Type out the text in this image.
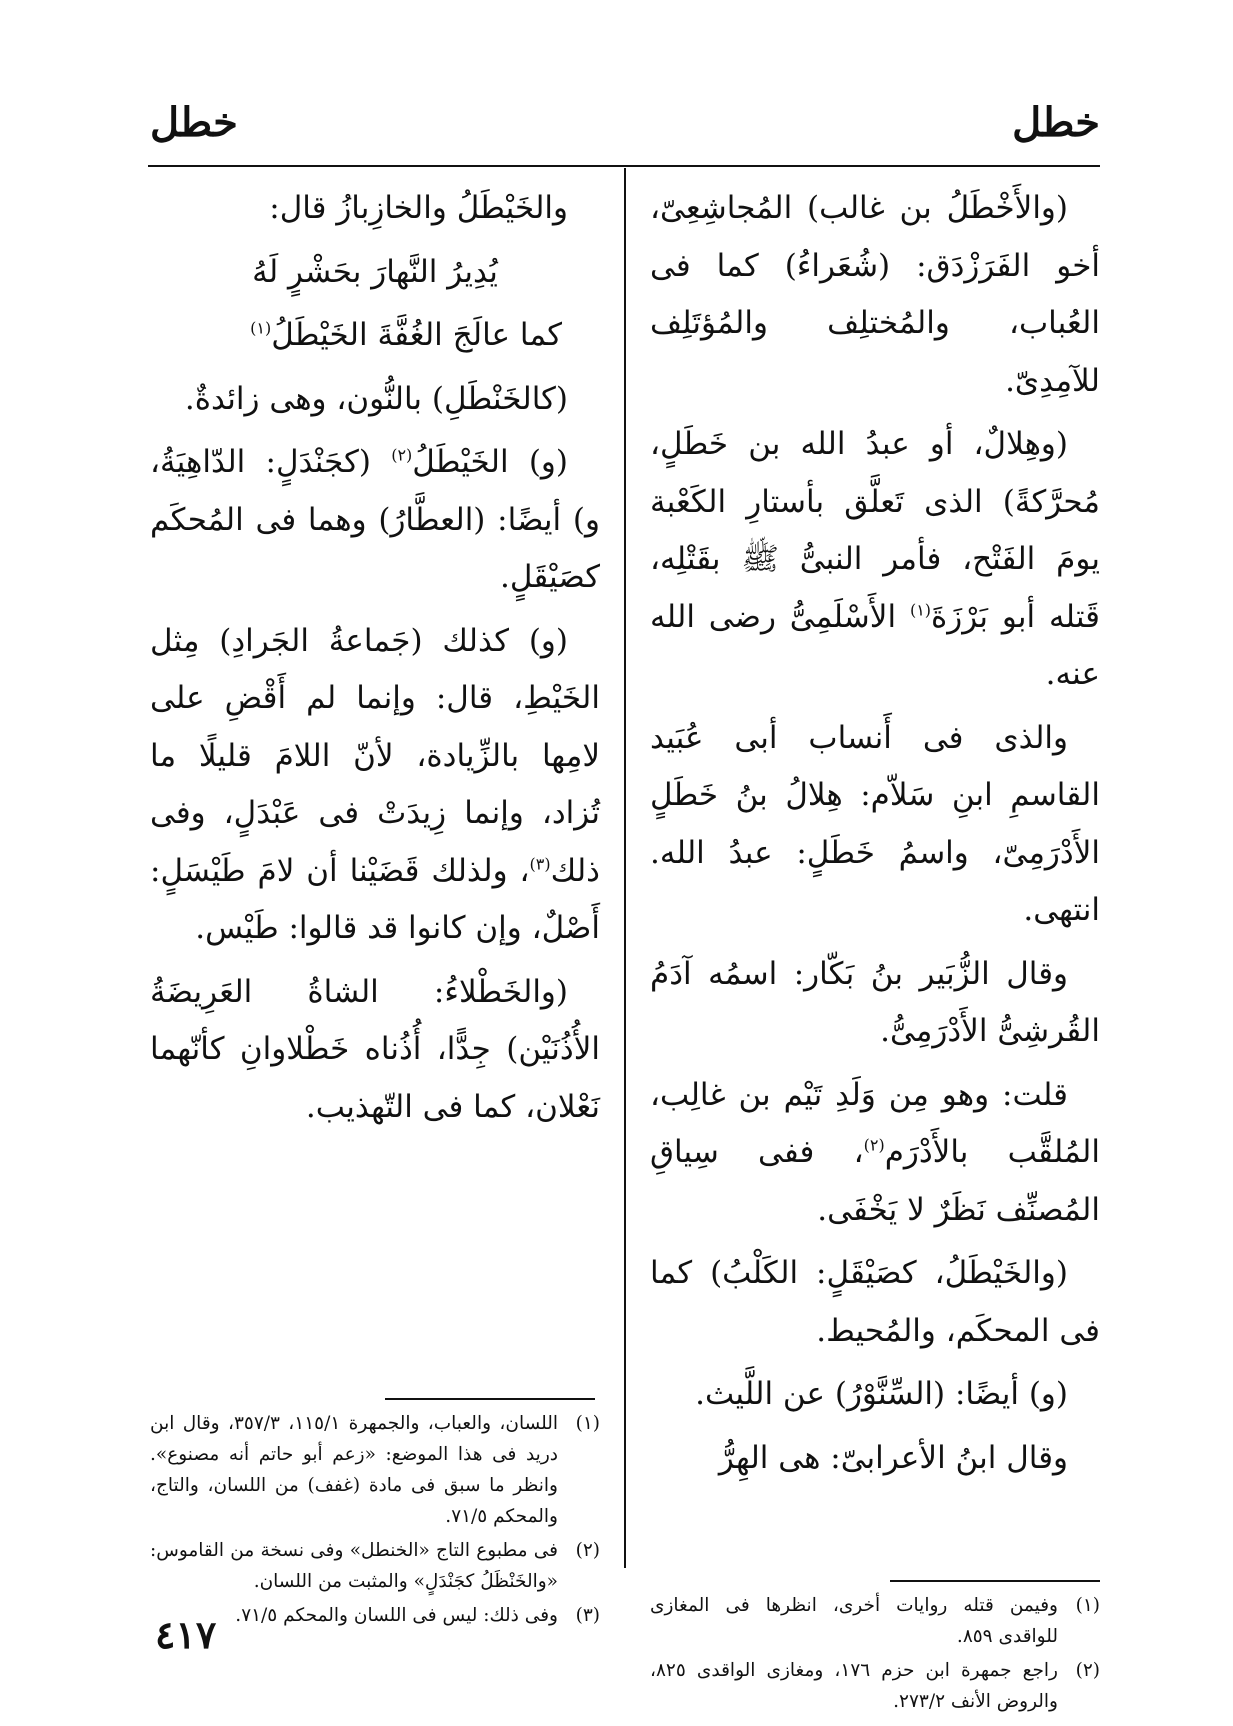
خطل
خطل

(والأَخْطَلُ بن غالب) المُجاشِعِىّ، أخو الفَرَزْدَق: (شُعَراءُ) كما فى العُباب، والمُختلِف والمُؤتَلِف للآمِدِىّ.

(وهِلالٌ، أو عبدُ الله بن خَطَلٍ، مُحرَّكةً) الذى تَعلَّق بأستارِ الكَعْبة يومَ الفَتْح، فأمر النبىُّ ﷺ بقَتْلِه، قَتله أبو بَرْزَةَ$^{(١)}$ الأَسْلَمِىُّ رضى الله عنه.

والذى فى أَنساب أبى عُبَيد القاسمِ ابنِ سَلاّم: هِلالُ بنُ خَطَلٍ الأَدْرَمِىّ، واسمُ خَطَلٍ: عبدُ الله. انتهى.

وقال الزُّبَير بنُ بَكّار: اسمُه آدَمُ القُرشِىُّ الأَدْرَمِىُّ.

قلت: وهو مِن وَلَدِ تَيْم بن غالِب، المُلقَّب بالأَدْرَم$^{(٢)}$، ففى سِياقِ المُصنِّف نَظَرٌ لا يَخْفَى.

(والخَيْطَلُ، كصَيْقَلٍ: الكَلْبُ) كما فى المحكَم، والمُحيط.

(و) أيضًا: (السِّنَّوْرُ) عن اللَّيث.

وقال ابنُ الأعرابىّ: هى الهِرُّ

(١)
وفيمن قتله روايات أخرى، انظرها فى المغازى للواقدى ٨٥٩.
(٢)
راجع جمهرة ابن حزم ١٧٦، ومغازى الواقدى ٨٢٥، والروض الأنف ٢٧٣/٢.

والخَيْطَلُ والخازِبازُ قال:

يُدِيرُ النَّهارَ بحَشْرٍ لَهُ

كما عالَجَ الغُفَّةَ الخَيْطَلُ$^{(١)}$

(كالخَنْطَلِ) بالنُّون، وهى زائدةٌ.

(و) الخَيْطَلُ$^{(٢)}$ (كجَنْدَلٍ: الدّاهِيَةُ، و) أيضًا: (العطَّارُ) وهما فى المُحكَم كصَيْقَلٍ.

(و) كذلك (جَماعةُ الجَرادِ) مِثل الخَيْطِ، قال: وإنما لم أَقْضِ على لامِها بالزِّيادة، لأنّ اللامَ قليلًا ما تُزاد، وإنما زِيدَتْ فى عَبْدَلٍ، وفى ذلك$^{(٣)}$، ولذلك قَضَيْنا أن لامَ طَيْسَلٍ: أَصْلٌ، وإن كانوا قد قالوا: طَيْس.

(والخَطْلاءُ: الشاةُ العَرِيضَةُ الأُذُنَيْن) جِدًّا، أُذُناه خَطْلاوانِ كأنّهما نَعْلان، كما فى التّهذيب.

(١)
اللسان، والعباب، والجمهرة ١١٥/١، ٣٥٧/٣، وقال ابن دريد فى هذا الموضع: «زعم أبو حاتم أنه مصنوع». وانظر ما سبق فى مادة (غفف) من اللسان، والتاج، والمحكم ٧١/٥.
(٢)
فى مطبوع التاج «الخنطل» وفى نسخة من القاموس: «والخَنْظَلُ كجَنْدَلٍ» والمثبت من اللسان.
(٣)
وفى ذلك: ليس فى اللسان والمحكم ٧١/٥.
٤١٧
